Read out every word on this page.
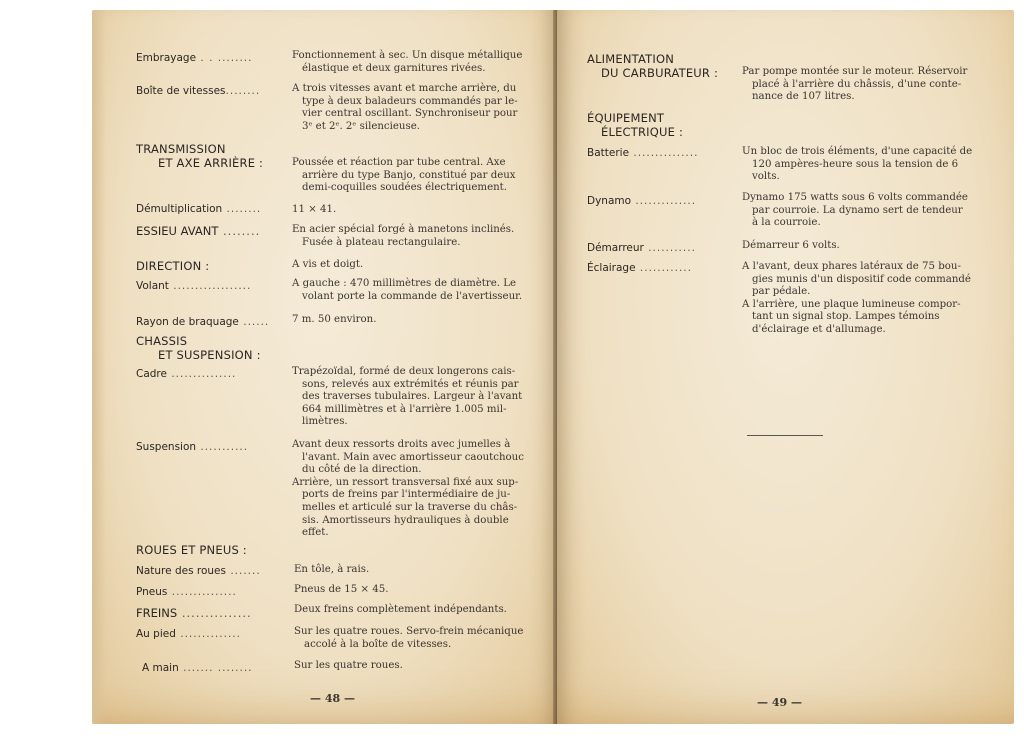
Embrayage . . ........	Fonctionnement à sec. Un disque métallique
élastique et deux garnitures rivées.

Boîte de vitesses........	A trois vitesses avant et marche arrière, du
type à deux baladeurs commandés par le-
vier central oscillant. Synchroniseur pour
3ᵉ et 2ᵉ. 2ᵉ silencieuse.

TRANSMISSION

ET AXE ARRIÈRE :	Poussée et réaction par tube central. Axe
arrière du type Banjo, constitué par deux
demi-coquilles soudées électriquement.

Démultiplication ........	11 × 41.

ESSIEU AVANT ........	En acier spécial forgé à manetons inclinés.
Fusée à plateau rectangulaire.

DIRECTION :	A vis et doigt.

Volant ..................	A gauche : 470 millimètres de diamètre. Le
volant porte la commande de l'avertisseur.

Rayon de braquage ...... 7 m. 50 environ.

CHASSIS

ET SUSPENSION :

Cadre ...............	Trapézoïdal, formé de deux longerons cais-
sons, relevés aux extrémités et réunis par
des traverses tubulaires. Largeur à l'avant
664 millimètres et à l'arrière 1.005 mil-
limètres.

Suspension ...........	Avant deux ressorts droits avec jumelles à
l'avant. Main avec amortisseur caoutchouc
du côté de la direction.
Arrière, un ressort transversal fixé aux sup-
ports de freins par l'intermédiaire de ju-
melles et articulé sur la traverse du châs-
sis. Amortisseurs hydrauliques à double
effet.

ROUES ET PNEUS :

Nature des roues .......	En tôle, à rais.

Pneus ...............	Pneus de 15 × 45.

FREINS ...............	Deux freins complètement indépendants.

Au pied ..............	Sur les quatre roues. Servo-frein mécanique
accolé à la boîte de vitesses.

A main ....... ........	Sur les quatre roues.

— 48 —

ALIMENTATION

DU CARBURATEUR : Par pompe montée sur le moteur. Réservoir
placé à l'arrière du châssis, d'une conte-
nance de 107 litres.

ÉQUIPEMENT

ÉLECTRIQUE :

Batterie ...............	Un bloc de trois éléments, d'une capacité de
120 ampères-heure sous la tension de 6
volts.

Dynamo ..............	Dynamo 175 watts sous 6 volts commandée
par courroie. La dynamo sert de tendeur
à la courroie.

Démarreur ...........	Démarreur 6 volts.

Éclairage ............	A l'avant, deux phares latéraux de 75 bou-
gies munis d'un dispositif code commandé
par pédale.
A l'arrière, une plaque lumineuse compor-
tant un signal stop. Lampes témoins
d'éclairage et d'allumage.

— 49 —
